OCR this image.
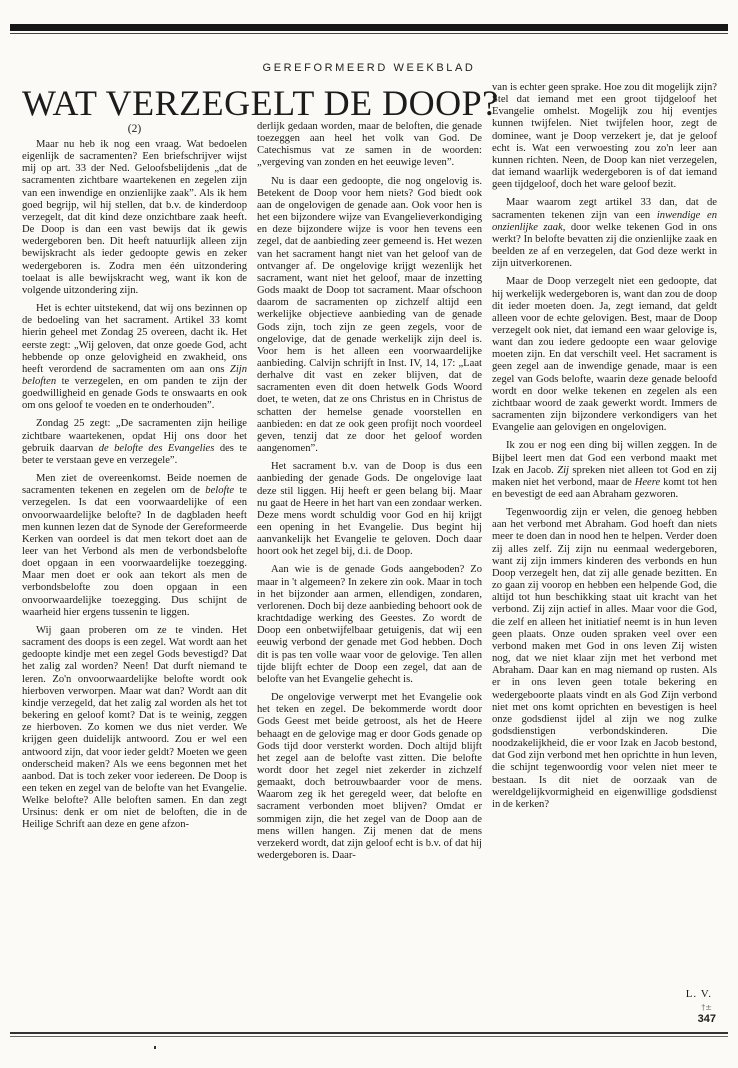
GEREFORMEERD WEEKBLAD
WAT VERZEGELT DE DOOP?
(2)

Maar nu heb ik nog een vraag. Wat bedoelen eigenlijk de sacramenten? Een briefschrijver wijst mij op art. 33 der Ned. Geloofsbelijdenis „dat de sacramenten zichtbare waartekenen en zegelen zijn van een inwendige en onzienlijke zaak”. Als ik hem goed begrijp, wil hij stellen, dat b.v. de kinderdoop verzegelt, dat dit kind deze onzichtbare zaak heeft. De Doop is dan een vast bewijs dat ik gewis wedergeboren ben. Dit heeft natuurlijk alleen zijn bewijskracht als ieder gedoopte gewis en zeker wedergeboren is. Zodra men één uitzondering toelaat is alle bewijskracht weg, want ik kon de volgende uitzondering zijn.

Het is echter uitstekend, dat wij ons bezinnen op de bedoeling van het sacrament. Artikel 33 komt hierin geheel met Zondag 25 overeen, dacht ik. Het eerste zegt: „Wij geloven, dat onze goede God, acht hebbende op onze gelovigheid en zwakheid, ons heeft verordend de sacramenten om aan ons Zijn beloften te verzegelen, en om panden te zijn der goedwilligheid en genade Gods te onswaarts en ook om ons geloof te voeden en te onderhouden”.

Zondag 25 zegt: „De sacramenten zijn heilige zichtbare waartekenen, opdat Hij ons door het gebruik daarvan de belofte des Evangelies des te beter te verstaan geve en verzegele”.

Men ziet de overeenkomst. Beide noemen de sacramenten tekenen en zegelen om de belofte te verzegelen. Is dat een voorwaardelijke of een onvoorwaardelijke belofte? In de dagbladen heeft men kunnen lezen dat de Synode der Gereformeerde Kerken van oordeel is dat men tekort doet aan de leer van het Verbond als men de verbondsbelofte doet opgaan in een voorwaardelijke toezegging. Maar men doet er ook aan tekort als men de verbondsbelofte zou doen opgaan in een onvoorwaardelijke toezegging. Dus schijnt de waarheid hier ergens tussenin te liggen.

Wij gaan proberen om ze te vinden. Het sacrament des doops is een zegel. Wat wordt aan het gedoopte kindje met een zegel Gods bevestigd? Dat het zalig zal worden? Neen! Dat durft niemand te leren. Zo'n onvoorwaardelijke belofte wordt ook hierboven verworpen. Maar wat dan? Wordt aan dit kindje verzegeld, dat het zalig zal worden als het tot bekering en geloof komt? Dat is te weinig, zeggen ze hierboven. Zo komen we dus niet verder. We krijgen geen duidelijk antwoord. Zou er wel een antwoord zijn, dat voor ieder geldt? Moeten we geen onderscheid maken? Als we eens begonnen met het aanbod. Dat is toch zeker voor iedereen. De Doop is een teken en zegel van de belofte van het Evangelie. Welke belofte? Alle beloften samen. En dan zegt Ursinus: denk er om niet de beloften, die in de Heilige Schrift aan deze en gene afzon-

derlijk gedaan worden, maar de beloften, die genade toezeggen aan heel het volk van God. De Catechismus vat ze samen in de woorden: „vergeving van zonden en het eeuwige leven”.

Nu is daar een gedoopte, die nog ongelovig is. Betekent de Doop voor hem niets? God biedt ook aan de ongelovigen de genade aan. Ook voor hen is het een bijzondere wijze van Evangelieverkondiging en deze bijzondere wijze is voor hen tevens een zegel, dat de aanbieding zeer gemeend is. Het wezen van het sacrament hangt niet van het geloof van de ontvanger af. De ongelovige krijgt wezenlijk het sacrament, want niet het geloof, maar de inzetting Gods maakt de Doop tot sacrament. Maar ofschoon daarom de sacramenten op zichzelf altijd een werkelijke objectieve aanbieding van de genade Gods zijn, toch zijn ze geen zegels, voor de ongelovige, dat de genade werkelijk zijn deel is. Voor hem is het alleen een voorwaardelijke aanbieding. Calvijn schrijft in Inst. IV, 14, 17: „Laat derhalve dit vast en zeker blijven, dat de sacramenten even dit doen hetwelk Gods Woord doet, te weten, dat ze ons Christus en in Christus de schatten der hemelse genade voorstellen en aanbieden: en dat ze ook geen profijt noch voordeel geven, tenzij dat ze door het geloof worden aangenomen”.

Het sacrament b.v. van de Doop is dus een aanbieding der genade Gods. De ongelovige laat deze stil liggen. Hij heeft er geen belang bij. Maar nu gaat de Heere in het hart van een zondaar werken. Deze mens wordt schuldig voor God en hij krijgt een opening in het Evangelie. Dus begint hij aanvankelijk het Evangelie te geloven. Doch daar hoort ook het zegel bij, d.i. de Doop.

Aan wie is de genade Gods aangeboden? Zo maar in 't algemeen? In zekere zin ook. Maar in toch in het bijzonder aan armen, ellendigen, zondaren, verlorenen. Doch bij deze aanbieding behoort ook de krachtdadige werking des Geestes. Zo wordt de Doop een onbetwijfelbaar getuigenis, dat wij een eeuwig verbond der genade met God hebben. Doch dit is pas ten volle waar voor de gelovige. Ten allen tijde blijft echter de Doop een zegel, dat aan de belofte van het Evangelie gehecht is.

De ongelovige verwerpt met het Evangelie ook het teken en zegel. De bekommerde wordt door Gods Geest met beide getroost, als het de Heere behaagt en de gelovige mag er door Gods genade op Gods tijd door versterkt worden. Doch altijd blijft het zegel aan de belofte vast zitten. Die belofte wordt door het zegel niet zekerder in zichzelf gemaakt, doch betrouwbaarder voor de mens. Waarom zeg ik het geregeld weer, dat belofte en sacrament verbonden moet blijven? Omdat er sommigen zijn, die het zegel van de Doop aan de mens willen hangen. Zij menen dat de mens verzekerd wordt, dat zijn geloof echt is b.v. of dat hij wedergeboren is. Daar-

van is echter geen sprake. Hoe zou dit mogelijk zijn? Stel dat iemand met een groot tijdgeloof het Evangelie omhelst. Mogelijk zou hij eventjes kunnen twijfelen. Niet twijfelen hoor, zegt de dominee, want je Doop verzekert je, dat je geloof echt is. Wat een verwoesting zou zo'n leer aan kunnen richten. Neen, de Doop kan niet verzegelen, dat iemand waarlijk wedergeboren is of dat iemand geen tijdgeloof, doch het ware geloof bezit.

Maar waarom zegt artikel 33 dan, dat de sacramenten tekenen zijn van een inwendige en onzienlijke zaak, door welke tekenen God in ons werkt? In belofte bevatten zij die onzienlijke zaak en beelden ze af en verzegelen, dat God deze werkt in zijn uitverkorenen.

Maar de Doop verzegelt niet een gedoopte, dat hij werkelijk wedergeboren is, want dan zou de doop dit ieder moeten doen. Ja, zegt iemand, dat geldt alleen voor de echte gelovigen. Best, maar de Doop verzegelt ook niet, dat iemand een waar gelovige is, want dan zou iedere gedoopte een waar gelovige moeten zijn. En dat verschilt veel. Het sacrament is geen zegel aan de inwendige genade, maar is een zegel van Gods belofte, waarin deze genade beloofd wordt en door welke tekenen en zegelen als een zichtbaar woord de zaak gewerkt wordt. Immers de sacramenten zijn bijzondere verkondigers van het Evangelie aan gelovigen en ongelovigen.

Ik zou er nog een ding bij willen zeggen. In de Bijbel leert men dat God een verbond maakt met Izak en Jacob. Zij spreken niet alleen tot God en zij maken niet het verbond, maar de Heere komt tot hen en bevestigt de eed aan Abraham gezworen.

Tegenwoordig zijn er velen, die genoeg hebben aan het verbond met Abraham. God hoeft dan niets meer te doen dan in nood hen te helpen. Verder doen zij alles zelf. Zij zijn nu eenmaal wedergeboren, want zij zijn immers kinderen des verbonds en hun Doop verzegelt hen, dat zij alle genade bezitten. En zo gaan zij voorop en hebben een helpende God, die altijd tot hun beschikking staat uit kracht van het verbond. Zij zijn actief in alles. Maar voor die God, die zelf en alleen het initiatief neemt is in hun leven geen plaats. Onze ouden spraken veel over een verbond maken met God in ons leven Zij wisten nog, dat we niet klaar zijn met het verbond met Abraham. Daar kan en mag niemand op rusten. Als er in ons leven geen totale bekering en wedergeboorte plaats vindt en als God Zijn verbond niet met ons komt oprichten en bevestigen is heel onze godsdienst ijdel al zijn we nog zulke godsdienstigen verbondskinderen. Die noodzakelijkheid, die er voor Izak en Jacob bestond, dat God zijn verbond met hen oprichtte in hun leven, die schijnt tegenwoordig voor velen niet meer te bestaan. Is dit niet de oorzaak van de wereldgelijkvormigheid en eigenwillige godsdienst in de kerken?

L. V.
†±
347
